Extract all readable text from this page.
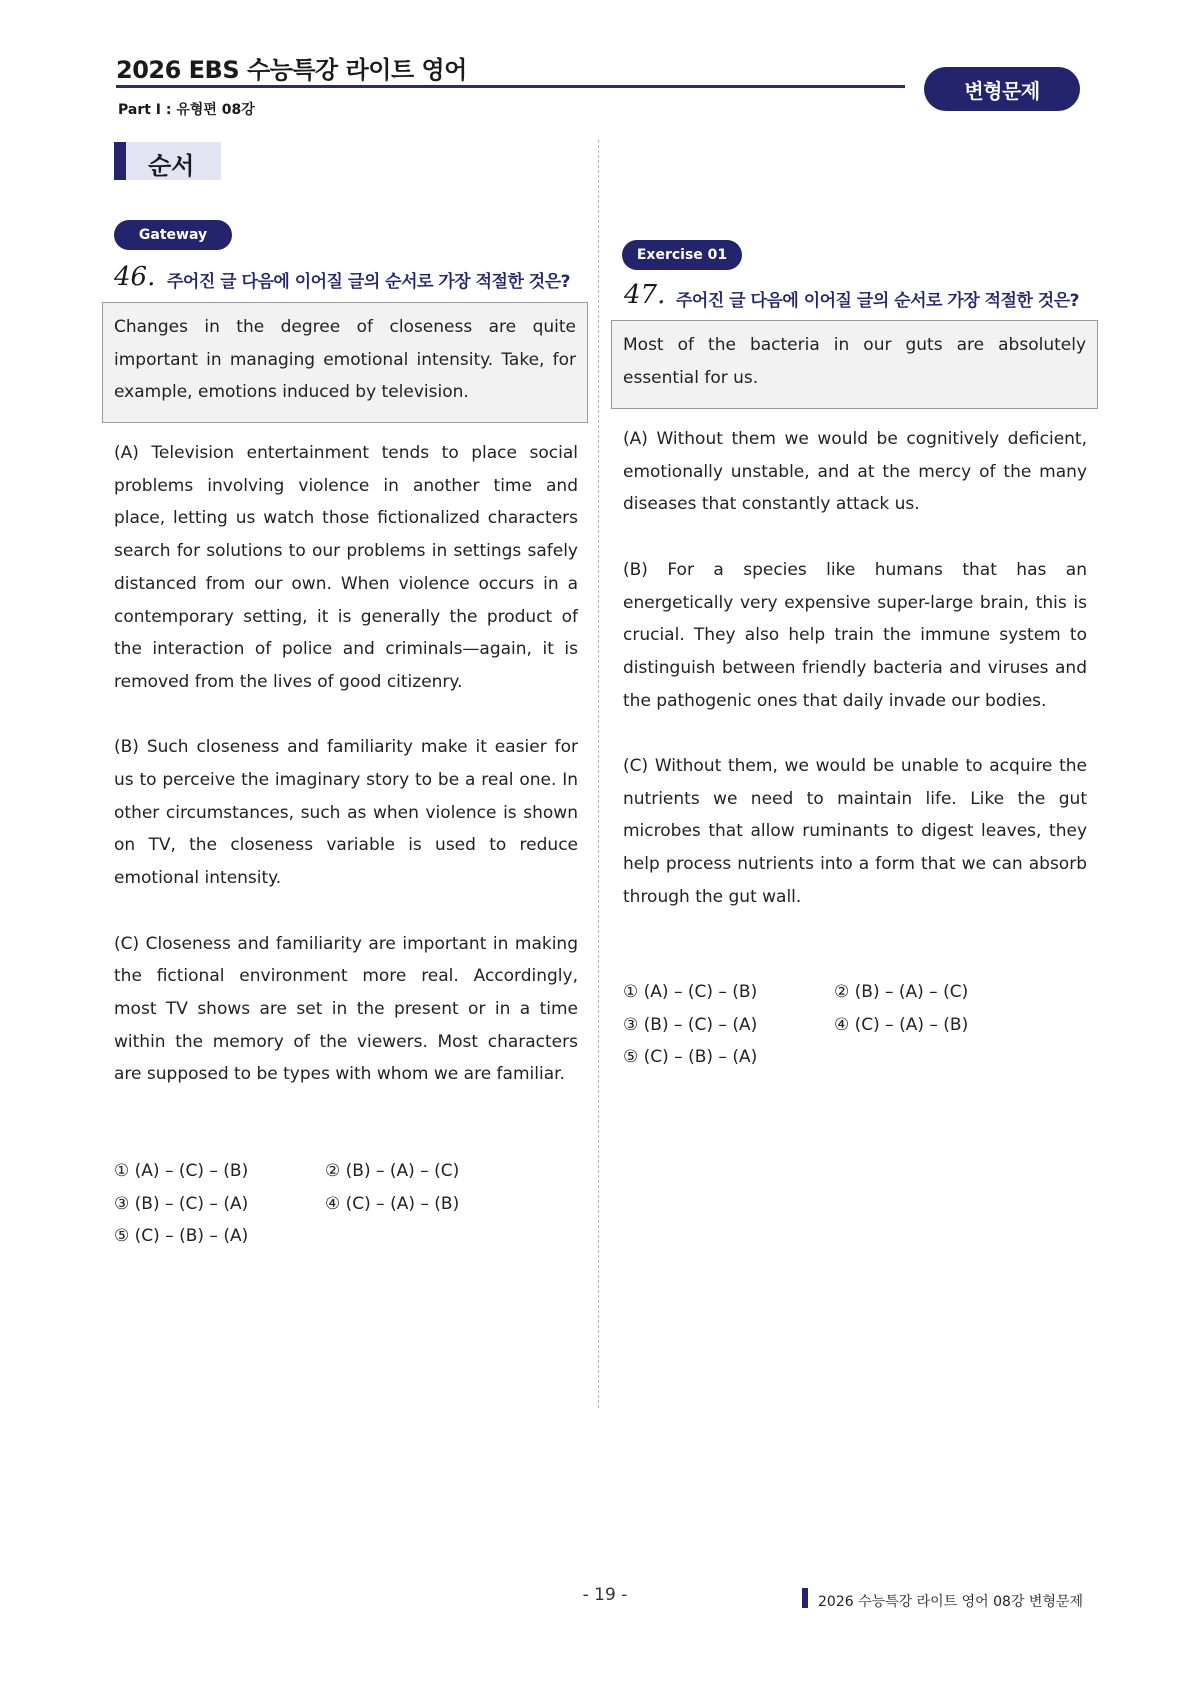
2026 EBS 수능특강 라이트 영어
Part Ⅰ : 유형편 08강
변형문제
순서
Gateway
46. 주어진 글 다음에 이어질 글의 순서로 가장 적절한 것은?

Changes in the degree of closeness are quite important in managing emotional intensity. Take, for example, emotions induced by television.

(A) Television entertainment tends to place social problems involving violence in another time and place, letting us watch those fictionalized characters search for solutions to our problems in settings safely distanced from our own. When violence occurs in a contemporary setting, it is generally the product of the interaction of police and criminals—again, it is removed from the lives of good citizenry.

(B) Such closeness and familiarity make it easier for us to perceive the imaginary story to be a real one. In other circumstances, such as when violence is shown on TV, the closeness variable is used to reduce emotional intensity.

(C) Closeness and familiarity are important in making the fictional environment more real. Accordingly, most TV shows are set in the present or in a time within the memory of the viewers. Most characters are supposed to be types with whom we are familiar.

① (A) – (C) – (B)	② (B) – (A) – (C)
③ (B) – (C) – (A)	④ (C) – (A) – (B)
⑤ (C) – (B) – (A)
Exercise 01
47. 주어진 글 다음에 이어질 글의 순서로 가장 적절한 것은?

Most of the bacteria in our guts are absolutely essential for us.

(A) Without them we would be cognitively deficient, emotionally unstable, and at the mercy of the many diseases that constantly attack us.

(B) For a species like humans that has an energetically very expensive super-large brain, this is crucial. They also help train the immune system to distinguish between friendly bacteria and viruses and the pathogenic ones that daily invade our bodies.

(C) Without them, we would be unable to acquire the nutrients we need to maintain life. Like the gut microbes that allow ruminants to digest leaves, they help process nutrients into a form that we can absorb through the gut wall.

① (A) – (C) – (B)	② (B) – (A) – (C)
③ (B) – (C) – (A)	④ (C) – (A) – (B)
⑤ (C) – (B) – (A)
- 19 -	2026 수능특강 라이트 영어 08강 변형문제
